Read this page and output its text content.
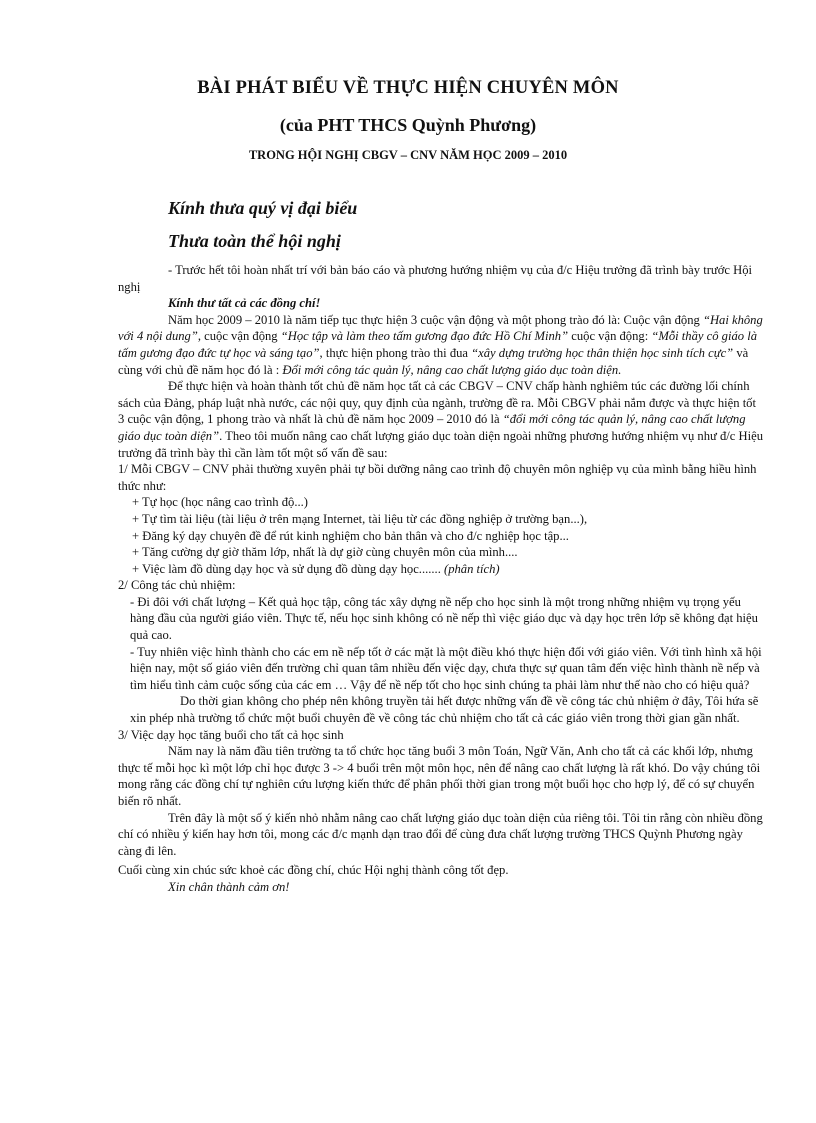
BÀI PHÁT BIỂU VỀ THỰC HIỆN CHUYÊN MÔN
(của PHT THCS Quỳnh Phương)
TRONG HỘI NGHỊ CBGV – CNV NĂM HỌC 2009 – 2010
Kính thưa quý vị đại biểu
Thưa toàn thể hội nghị

- Trước hết tôi hoàn nhất trí với bản báo cáo và phương hướng nhiệm vụ của đ/c Hiệu trưởng đã trình bày trước Hội nghị

Kính thư tất cả các đồng chí!

Năm học 2009 – 2010 là năm tiếp tục thực hiện 3 cuộc vận động và một phong trào đó là: Cuộc vận động “Hai không với 4 nội dung”, cuộc vận động “Học tập và làm theo tấm gương đạo đức Hồ Chí Minh” cuộc vận động: “Mỗi thầy cô giáo là tấm gương đạo đức tự học và sáng tạo”, thực hiện phong trào thi đua “xây dựng trường học thân thiện học sinh tích cực” và cùng với chủ đề năm học đó là : Đổi mới công tác quản lý, nâng cao chất lượng giáo dục toàn diện.

Để thực hiện và hoàn thành tốt chủ đề năm học tất cả các CBGV – CNV chấp hành nghiêm túc các đường lối chính sách của Đảng, pháp luật nhà nước, các nội quy, quy định của ngành, trường đề ra. Mỗi CBGV phải nắm được và thực hiện tốt 3 cuộc vận động, 1 phong trào và nhất là chủ đề năm học 2009 – 2010 đó là “đổi mới công tác quản lý, nâng cao chất lượng giáo dục toàn diện”. Theo tôi muốn nâng cao chất lượng giáo dục toàn diện ngoài những phương hướng nhiệm vụ như đ/c Hiệu trưởng đã trình bày thì cần làm tốt một số vấn đề sau:

1/ Mỗi CBGV – CNV phải thường xuyên phải tự bồi dưỡng nâng cao trình độ chuyên môn nghiệp vụ của mình bằng hiều hình thức như:

+ Tự học (học nâng cao trình độ...)

+ Tự tìm tài liệu (tài liệu ở trên mạng Internet, tài liệu từ các đồng nghiệp ở trường bạn...),

+ Đăng ký dạy chuyên đề để rút kinh nghiệm cho bản thân và cho đ/c nghiệp học tập...

+ Tăng cường dự giờ thăm lớp, nhất là dự giờ cùng chuyên môn của mình....

+ Việc làm đồ dùng dạy học và sử dụng đồ dùng dạy học....... (phân tích)

2/ Công tác chủ nhiệm:

- Đi đôi với chất lượng – Kết quả học tập, công tác xây dựng nề nếp cho học sinh là một trong những nhiệm vụ trọng yếu hàng đầu của người giáo viên. Thực tế, nếu học sinh không có nề nếp thì việc giáo dục và dạy học trên lớp sẽ không đạt hiệu quả cao.

- Tuy nhiên việc hình thành cho các em nề nếp tốt ở các mặt là một điều khó thực hiện đối với giáo viên. Với tình hình xã hội hiện nay, một số giáo viên đến trường chỉ quan tâm nhiều đến việc dạy, chưa thực sự quan tâm đến việc hình thành nề nếp và tìm hiểu tình cảm cuộc sống của các em … Vậy để nề nếp tốt cho học sinh chúng ta phải làm như thế nào cho có hiệu quả?

Do thời gian không cho phép nên không truyền tải hết được những vấn đề về công tác chủ nhiệm ở đây, Tôi hứa sẽ xin phép nhà trường tổ chức một buổi chuyên đề về công tác chủ nhiệm cho tất cả các giáo viên trong thời gian gần nhất.

3/ Việc dạy học tăng buổi cho tất cả học sinh

Năm nay là năm đầu tiên trường ta tổ chức học tăng buổi 3 môn Toán, Ngữ Văn, Anh cho tất cả các khối lớp, nhưng thực tế mỗi học kì một lớp chỉ học được 3 -> 4 buổi trên một môn học, nên để nâng cao chất lượng là rất khó. Do vậy chúng tôi mong rằng các đồng chí tự nghiên cứu lượng kiến thức để phân phối thời gian trong một buổi học cho hợp lý, để có sự chuyển biến rõ nhất.

Trên đây là một số ý kiến nhỏ nhằm nâng cao chất lượng giáo dục toàn diện của riêng tôi. Tôi tin rằng còn nhiều đồng chí có nhiều ý kiến hay hơn tôi, mong các đ/c mạnh dạn trao đổi để cùng đưa chất lượng trường THCS Quỳnh Phương ngày càng đi lên.

Cuối cùng xin chúc sức khoẻ các đồng chí, chúc Hội nghị thành công tốt đẹp.

Xin chân thành cảm ơn!
